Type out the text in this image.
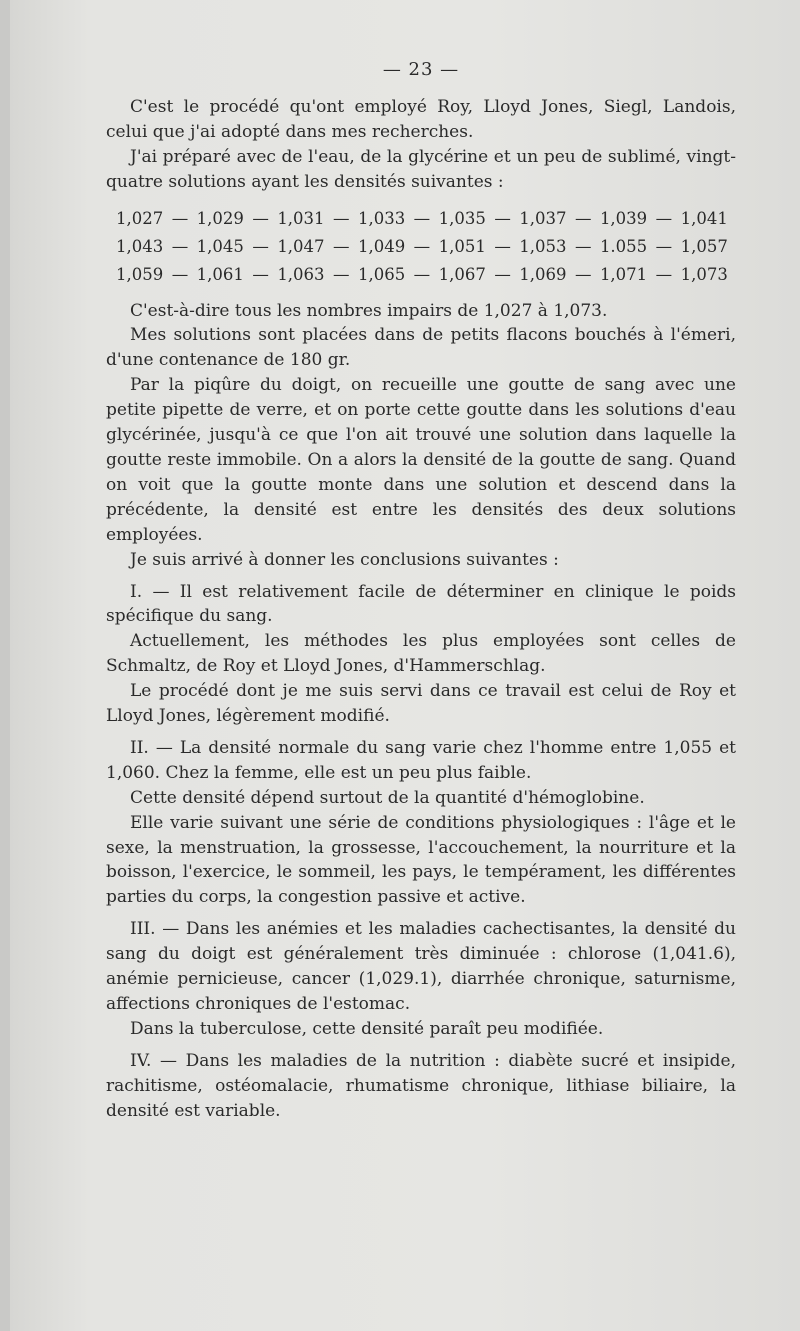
— 23 —

C'est le procédé qu'ont employé Roy, Lloyd Jones, Siegl, Landois, celui que j'ai adopté dans mes recherches.

J'ai préparé avec de l'eau, de la glycérine et un peu de sublimé, vingt-quatre solutions ayant les densités suivantes :

1,027 — 1,029 — 1,031 — 1,033 — 1,035 — 1,037 — 1,039 — 1,041
1,043 — 1,045 — 1,047 — 1,049 — 1,051 — 1,053 — 1.055 — 1,057
1,059 — 1,061 — 1,063 — 1,065 — 1,067 — 1,069 — 1,071 — 1,073

C'est-à-dire tous les nombres impairs de 1,027 à 1,073.

Mes solutions sont placées dans de petits flacons bouchés à l'émeri, d'une contenance de 180 gr.

Par la piqûre du doigt, on recueille une goutte de sang avec une petite pipette de verre, et on porte cette goutte dans les solutions d'eau glycérinée, jusqu'à ce que l'on ait trouvé une solution dans laquelle la goutte reste immobile. On a alors la densité de la goutte de sang. Quand on voit que la goutte monte dans une solution et descend dans la précédente, la densité est entre les densités des deux solutions employées.

Je suis arrivé à donner les conclusions suivantes :

I. — Il est relativement facile de déterminer en clinique le poids spécifique du sang.

Actuellement, les méthodes les plus employées sont celles de Schmaltz, de Roy et Lloyd Jones, d'Hammerschlag.

Le procédé dont je me suis servi dans ce travail est celui de Roy et Lloyd Jones, légèrement modifié.

II. — La densité normale du sang varie chez l'homme entre 1,055 et 1,060. Chez la femme, elle est un peu plus faible.

Cette densité dépend surtout de la quantité d'hémoglobine.

Elle varie suivant une série de conditions physiologiques : l'âge et le sexe, la menstruation, la grossesse, l'accouchement, la nourriture et la boisson, l'exercice, le sommeil, les pays, le tempérament, les différentes parties du corps, la congestion passive et active.

III. — Dans les anémies et les maladies cachectisantes, la densité du sang du doigt est généralement très diminuée : chlorose (1,041.6), anémie pernicieuse, cancer (1,029.1), diarrhée chronique, saturnisme, affections chroniques de l'estomac.

Dans la tuberculose, cette densité paraît peu modifiée.

IV. — Dans les maladies de la nutrition : diabète sucré et insipide, rachitisme, ostéomalacie, rhumatisme chronique, lithiase biliaire, la densité est variable.
